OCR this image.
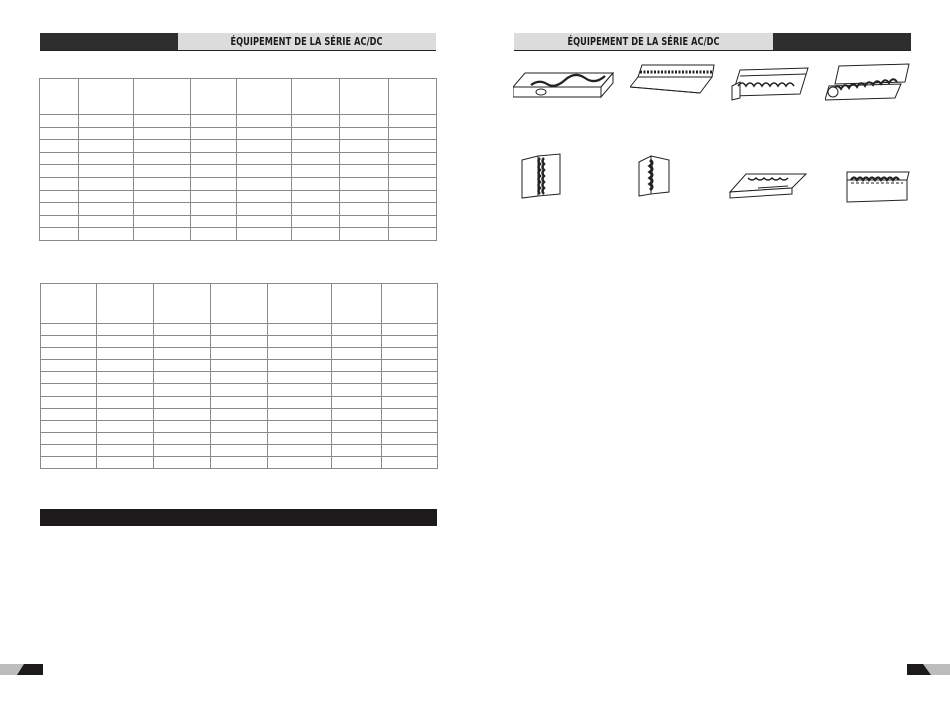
ÉQUIPEMENT DE LA SÉRIE AC/DC

							ÉQUIPEMENT DE LA SÉRIE AC/DC
